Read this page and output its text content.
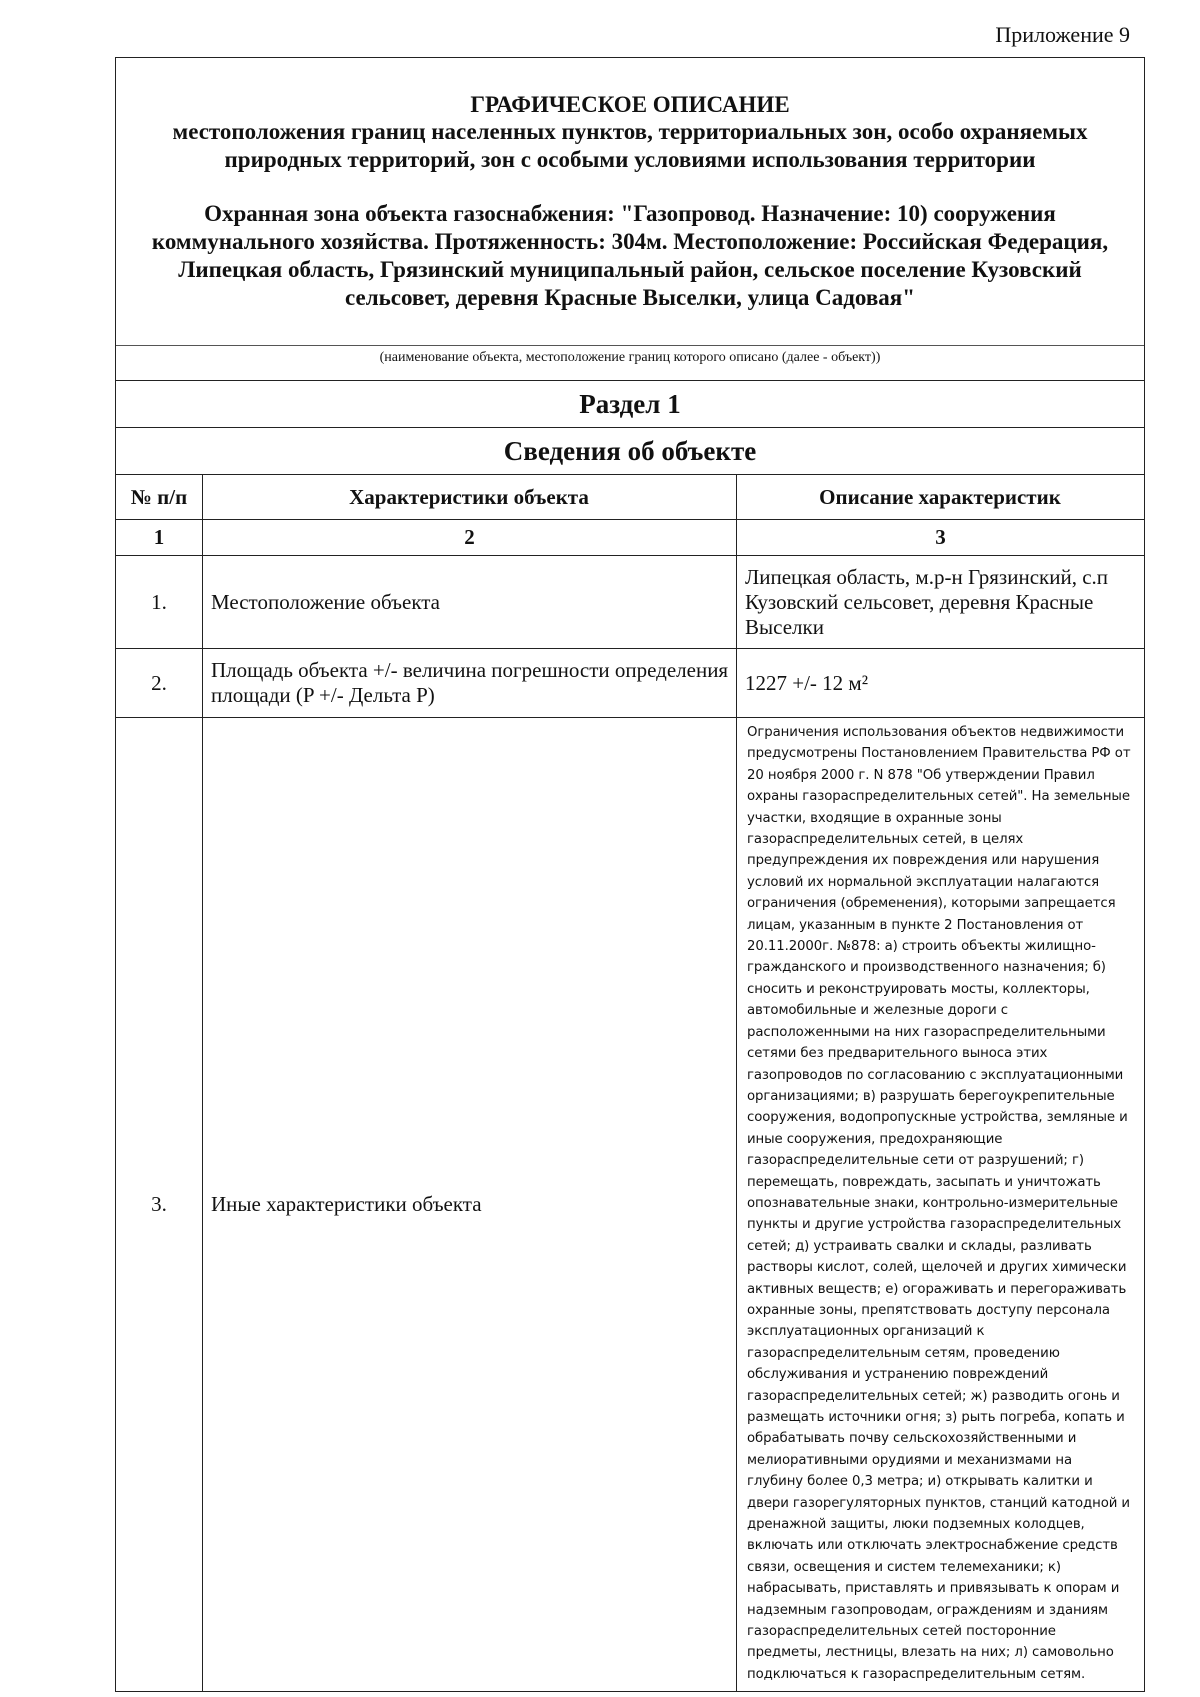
Приложение 9
ГРАФИЧЕСКОЕ ОПИСАНИЕ
местоположения границ населенных пунктов, территориальных зон, особо охраняемых природных территорий, зон с особыми условиями использования территории
Охранная зона объекта газоснабжения: "Газопровод. Назначение: 10) сооружения коммунального хозяйства. Протяженность: 304м. Местоположение: Российская Федерация, Липецкая область, Грязинский муниципальный район, сельское поселение Кузовский сельсовет, деревня Красные Выселки, улица Садовая"
(наименование объекта, местоположение границ которого описано (далее - объект))
Раздел 1		
Сведения об объекте		
№ п/п	Характеристики объекта	Описание характеристик
1	2	3
1.	Местоположение объекта	Липецкая область, м.р-н Грязинский, с.п Кузовский сельсовет, деревня Красные Выселки
2.	Площадь объекта +/- величина погрешности определения площади (P +/- Дельта P)	1227 +/- 12 м²
3.	Иные характеристики объекта	Ограничения использования объектов недвижимости предусмотрены Постановлением Правительства РФ от 20 ноября 2000 г. N 878 "Об утверждении Правил охраны газораспределительных сетей". На земельные участки, входящие в охранные зоны газораспределительных сетей, в целях предупреждения их повреждения или нарушения условий их нормальной эксплуатации налагаются ограничения (обременения), которыми запрещается лицам, указанным в пункте 2 Постановления от 20.11.2000г. №878: а) строить объекты жилищно-гражданского и производственного назначения; б) сносить и реконструировать мосты, коллекторы, автомобильные и железные дороги с расположенными на них газораспределительными сетями без предварительного выноса этих газопроводов по согласованию с эксплуатационными организациями; в) разрушать берегоукрепительные сооружения, водопропускные устройства, земляные и иные сооружения, предохраняющие газораспределительные сети от разрушений; г) перемещать, повреждать, засыпать и уничтожать опознавательные знаки, контрольно-измерительные пункты и другие устройства газораспределительных сетей; д) устраивать свалки и склады, разливать растворы кислот, солей, щелочей и других химически активных веществ; е) огораживать и перегораживать охранные зоны, препятствовать доступу персонала эксплуатационных организаций к газораспределительным сетям, проведению обслуживания и устранению повреждений газораспределительных сетей; ж) разводить огонь и размещать источники огня; з) рыть погреба, копать и обрабатывать почву сельскохозяйственными и мелиоративными орудиями и механизмами на глубину более 0,3 метра; и) открывать калитки и двери газорегуляторных пунктов, станций катодной и дренажной защиты, люки подземных колодцев, включать или отключать электроснабжение средств связи, освещения и систем телемеханики; к) набрасывать, приставлять и привязывать к опорам и надземным газопроводам, ограждениям и зданиям газораспределительных сетей посторонние предметы, лестницы, влезать на них; л) самовольно подключаться к газораспределительным сетям.
